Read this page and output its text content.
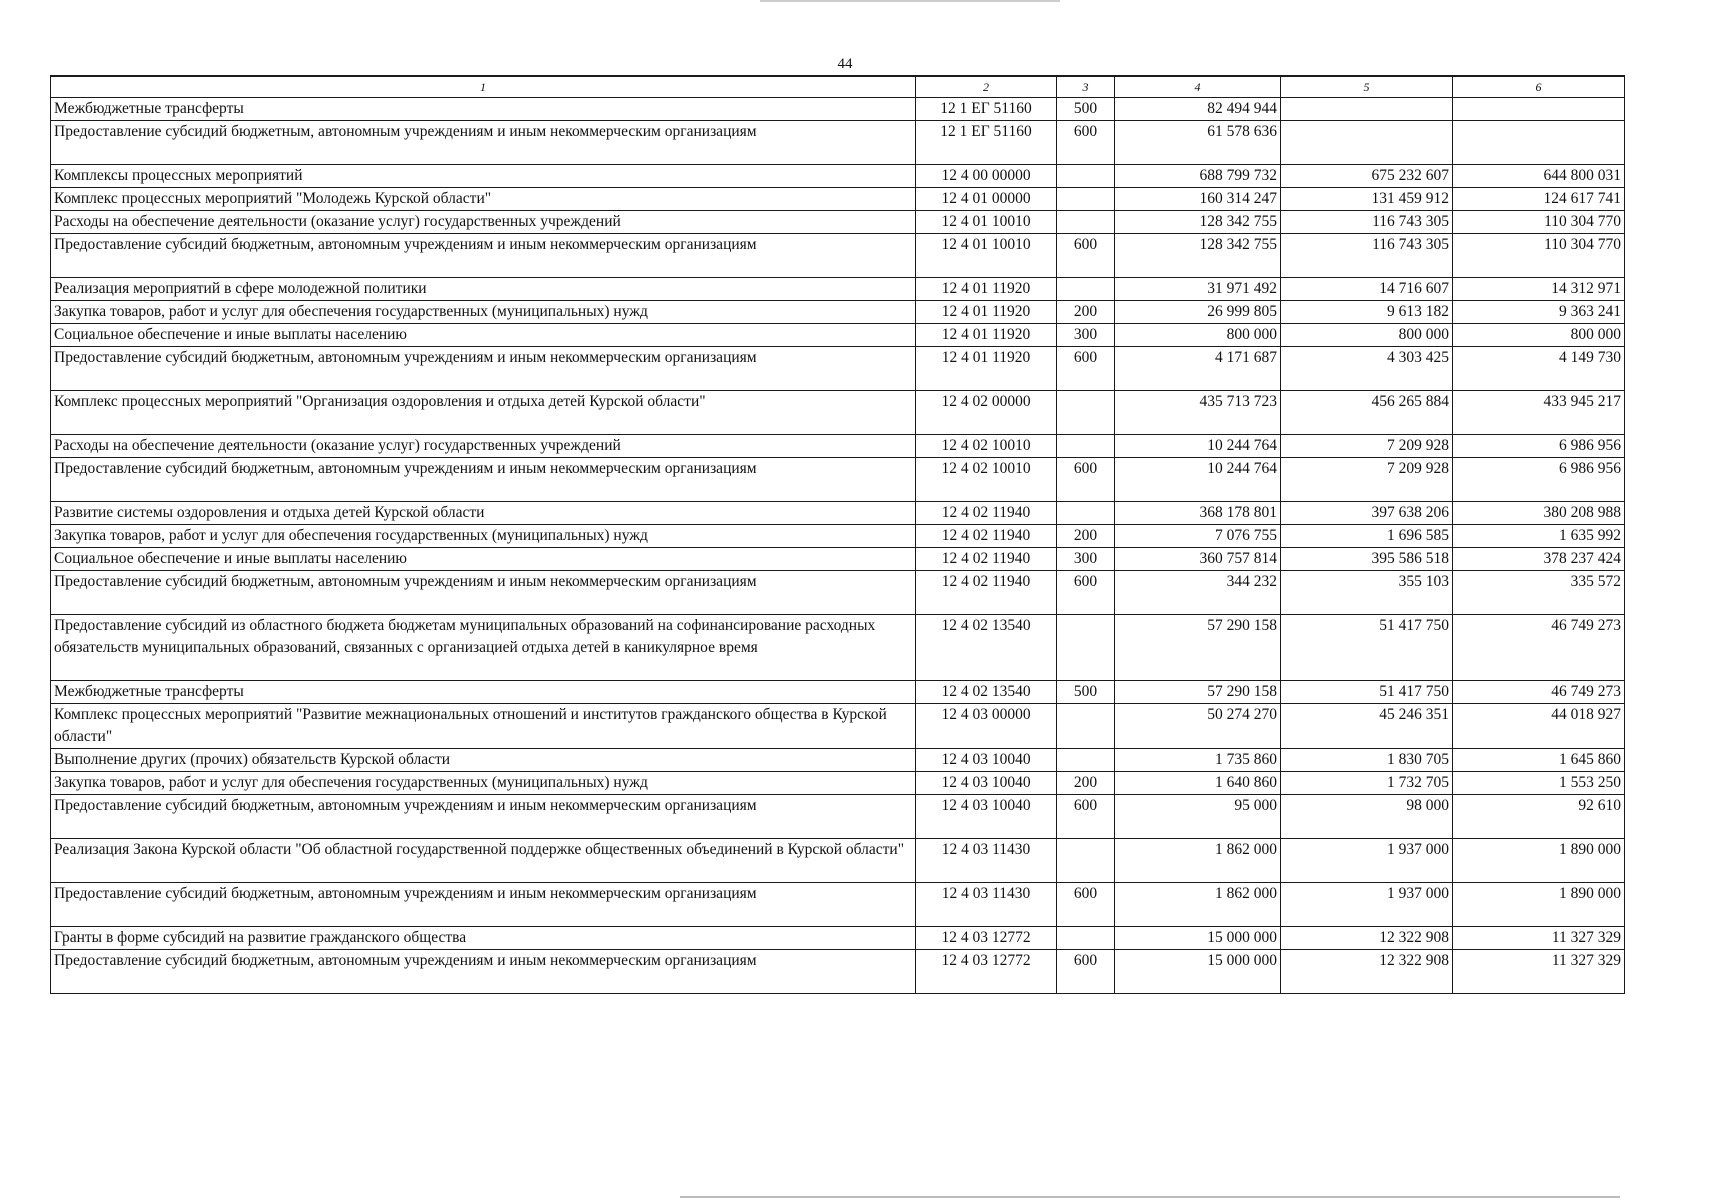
44
1	2	3	4	5	6
Межбюджетные трансферты	12 1 ЕГ 51160	500	82 494 944		
Предоставление субсидий бюджетным, автономным учреждениям и иным некоммерческим организациям	12 1 ЕГ 51160	600	61 578 636		
Комплексы процессных мероприятий	12 4 00 00000		688 799 732	675 232 607	644 800 031
Комплекс процессных мероприятий "Молодежь Курской области"	12 4 01 00000		160 314 247	131 459 912	124 617 741
Расходы на обеспечение деятельности (оказание услуг) государственных учреждений	12 4 01 10010		128 342 755	116 743 305	110 304 770
Предоставление субсидий бюджетным, автономным учреждениям и иным некоммерческим организациям	12 4 01 10010	600	128 342 755	116 743 305	110 304 770
Реализация мероприятий в сфере молодежной политики	12 4 01 11920		31 971 492	14 716 607	14 312 971
Закупка товаров, работ и услуг для обеспечения государственных (муниципальных) нужд	12 4 01 11920	200	26 999 805	9 613 182	9 363 241
Социальное обеспечение и иные выплаты населению	12 4 01 11920	300	800 000	800 000	800 000
Предоставление субсидий бюджетным, автономным учреждениям и иным некоммерческим организациям	12 4 01 11920	600	4 171 687	4 303 425	4 149 730
Комплекс процессных мероприятий "Организация оздоровления и отдыха детей Курской области"	12 4 02 00000		435 713 723	456 265 884	433 945 217
Расходы на обеспечение деятельности (оказание услуг) государственных учреждений	12 4 02 10010		10 244 764	7 209 928	6 986 956
Предоставление субсидий бюджетным, автономным учреждениям и иным некоммерческим организациям	12 4 02 10010	600	10 244 764	7 209 928	6 986 956
Развитие системы оздоровления и отдыха детей Курской области	12 4 02 11940		368 178 801	397 638 206	380 208 988
Закупка товаров, работ и услуг для обеспечения государственных (муниципальных) нужд	12 4 02 11940	200	7 076 755	1 696 585	1 635 992
Социальное обеспечение и иные выплаты населению	12 4 02 11940	300	360 757 814	395 586 518	378 237 424
Предоставление субсидий бюджетным, автономным учреждениям и иным некоммерческим организациям	12 4 02 11940	600	344 232	355 103	335 572
Предоставление субсидий из областного бюджета бюджетам муниципальных образований на софинансирование расходных обязательств муниципальных образований, связанных с организацией отдыха детей в каникулярное время	12 4 02 13540		57 290 158	51 417 750	46 749 273
Межбюджетные трансферты	12 4 02 13540	500	57 290 158	51 417 750	46 749 273
Комплекс процессных мероприятий "Развитие межнациональных отношений и институтов гражданского общества в Курской области"	12 4 03 00000		50 274 270	45 246 351	44 018 927
Выполнение других (прочих) обязательств Курской области	12 4 03 10040		1 735 860	1 830 705	1 645 860
Закупка товаров, работ и услуг для обеспечения государственных (муниципальных) нужд	12 4 03 10040	200	1 640 860	1 732 705	1 553 250
Предоставление субсидий бюджетным, автономным учреждениям и иным некоммерческим организациям	12 4 03 10040	600	95 000	98 000	92 610
Реализация Закона Курской области "Об областной государственной поддержке общественных объединений в Курской области"	12 4 03 11430		1 862 000	1 937 000	1 890 000
Предоставление субсидий бюджетным, автономным учреждениям и иным некоммерческим организациям	12 4 03 11430	600	1 862 000	1 937 000	1 890 000
Гранты в форме субсидий на развитие гражданского общества	12 4 03 12772		15 000 000	12 322 908	11 327 329
Предоставление субсидий бюджетным, автономным учреждениям и иным некоммерческим организациям	12 4 03 12772	600	15 000 000	12 322 908	11 327 329
